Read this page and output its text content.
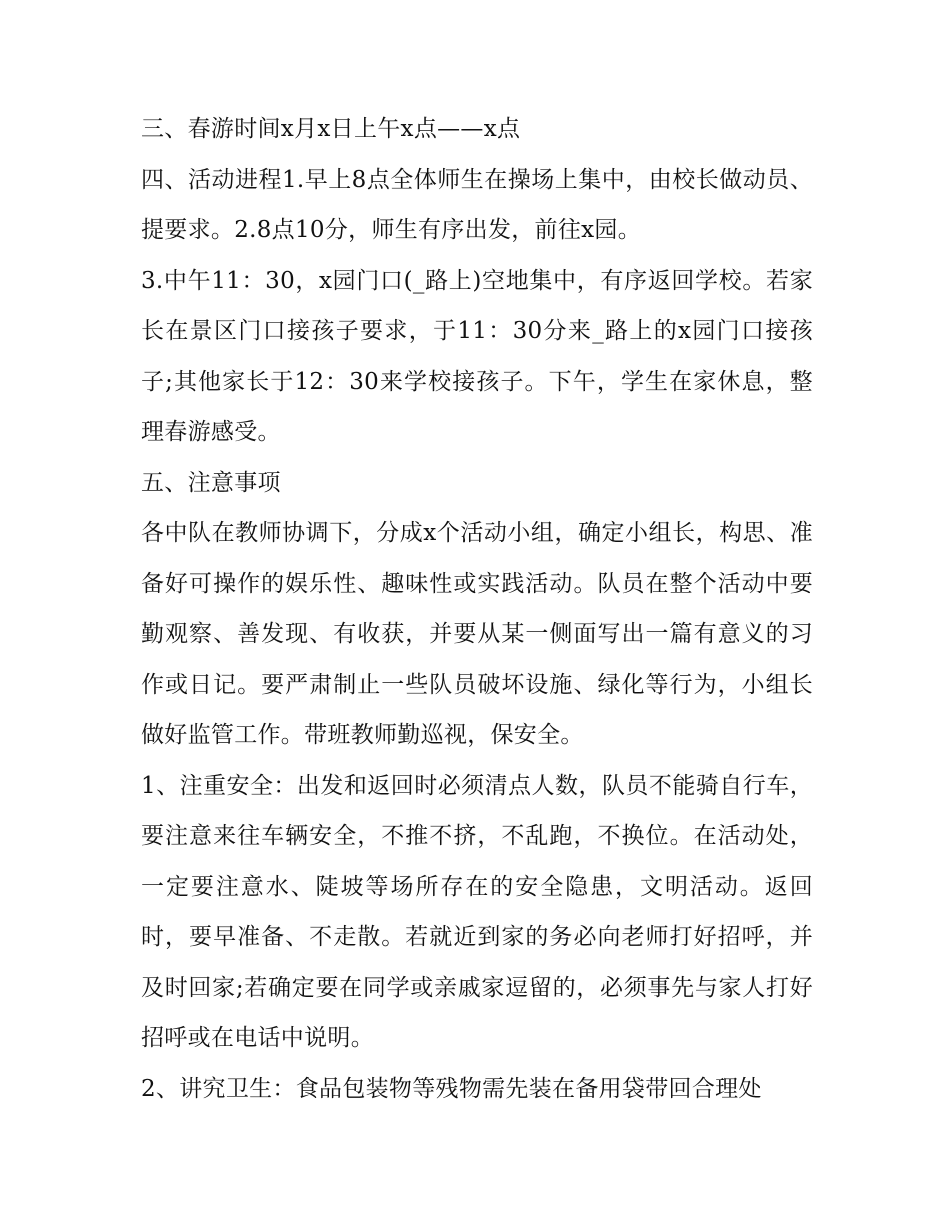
三、春游时间x月x日上午x点——x点

四、活动进程1.早上8点全体师生在操场上集中，由校长做动员、提要求。2.8点10分，师生有序出发，前往x园。

3.中午11：30，x园门口(_路上)空地集中，有序返回学校。若家长在景区门口接孩子要求，于11：30分来_路上的x园门口接孩子;其他家长于12：30来学校接孩子。下午，学生在家休息，整理春游感受。

五、注意事项

各中队在教师协调下，分成x个活动小组，确定小组长，构思、准备好可操作的娱乐性、趣味性或实践活动。队员在整个活动中要勤观察、善发现、有收获，并要从某一侧面写出一篇有意义的习作或日记。要严肃制止一些队员破坏设施、绿化等行为，小组长做好监管工作。带班教师勤巡视，保安全。

1、注重安全：出发和返回时必须清点人数，队员不能骑自行车，要注意来往车辆安全，不推不挤，不乱跑，不换位。在活动处，一定要注意水、陡坡等场所存在的安全隐患，文明活动。返回时，要早准备、不走散。若就近到家的务必向老师打好招呼，并及时回家;若确定要在同学或亲戚家逗留的，必须事先与家人打好招呼或在电话中说明。

2、讲究卫生：食品包装物等残物需先装在备用袋带回合理处
